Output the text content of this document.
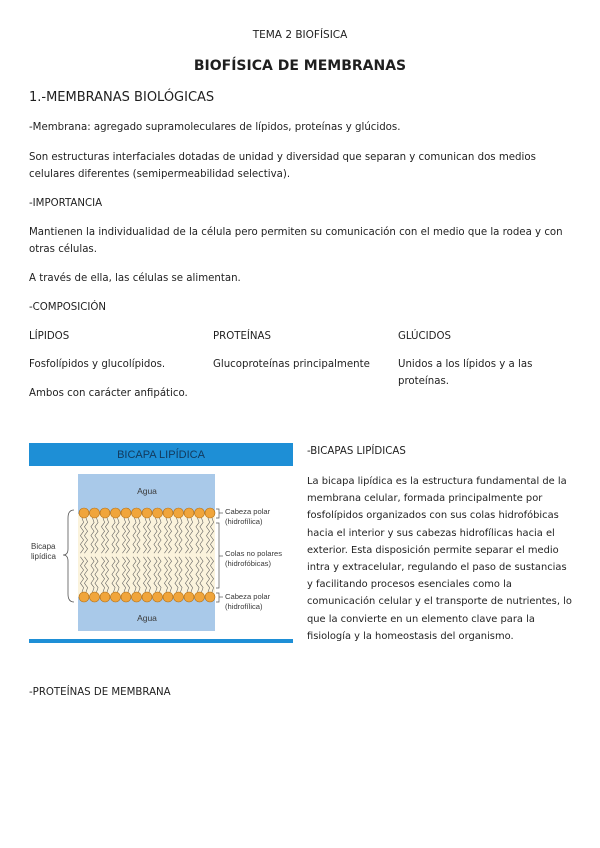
TEMA 2 BIOFÍSICA
BIOFÍSICA DE MEMBRANAS
1.-MEMBRANAS BIOLÓGICAS
-Membrana: agregado supramoleculares de lípidos, proteínas y glúcidos.
Son estructuras interfaciales dotadas de unidad y diversidad que separan y comunican dos medios celulares diferentes (semipermeabilidad selectiva).
-IMPORTANCIA
Mantienen la individualidad de la célula pero permiten su comunicación con el medio que la rodea y con otras células.
A través de ella, las células se alimentan.
-COMPOSICIÓN
LÍPIDOS	PROTEÍNAS	GLÚCIDOS
Fosfolípidos y glucolípidos.	Glucoproteínas principalmente	Unidos a los lípidos y a las proteínas.
Ambos con carácter anfipático.
BICAPA LIPÍDICA
Agua
Agua
Bicapa
lipídica
Cabeza polar
(hidrofílica)
Colas no polares
(hidrofóbicas)
Cabeza polar
(hidrofílica)
-BICAPAS LIPÍDICAS
La bicapa lipídica es la estructura fundamental de la membrana celular, formada principalmente por fosfolípidos organizados con sus colas hidrofóbicas hacia el interior y sus cabezas hidrofílicas hacia el exterior. Esta disposición permite separar el medio intra y extracelular, regulando el paso de sustancias y facilitando procesos esenciales como la comunicación celular y el transporte de nutrientes, lo que la convierte en un elemento clave para la fisiología y la homeostasis del organismo.
-PROTEÍNAS DE MEMBRANA
